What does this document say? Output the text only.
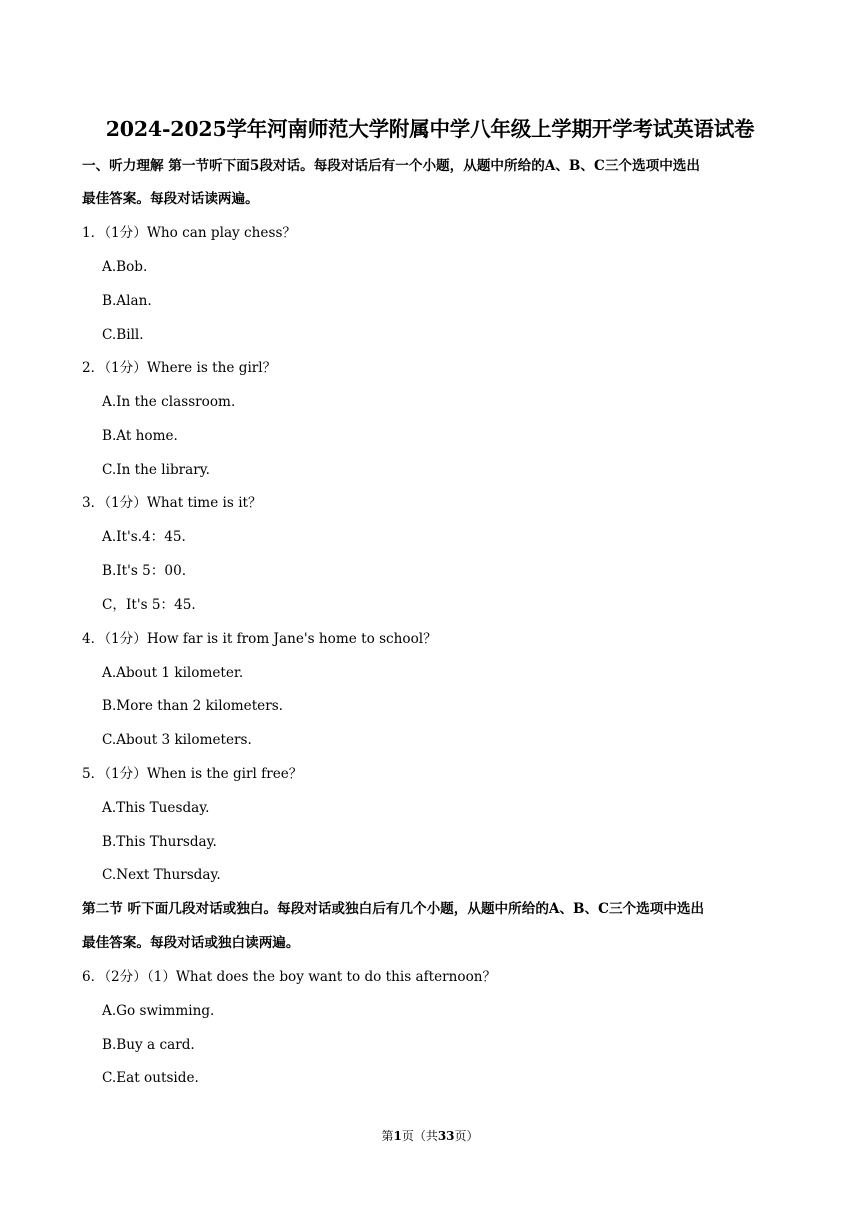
2024-2025学年河南师范大学附属中学八年级上学期开学考试英语试卷
一、听力理解 第一节听下面5段对话。每段对话后有一个小题，从题中所给的A、B、C三个选项中选出
最佳答案。每段对话读两遍。
1．（1分）Who can play chess？
A.Bob.
B.Alan.
C.Bill.
2．（1分）Where is the girl？
A.In the classroom.
B.At home.
C.In the library.
3．（1分）What time is it？
A.It's.4：45.
B.It's 5：00.
C，It's 5：45.
4．（1分）How far is it from Jane's home to school？
A.About 1 kilometer.
B.More than 2 kilometers.
C.About 3 kilometers.
5．（1分）When is the girl free？
A.This Tuesday.
B.This Thursday.
C.Next Thursday.
第二节 听下面几段对话或独白。每段对话或独白后有几个小题，从题中所给的A、B、C三个选项中选出
最佳答案。每段对话或独白读两遍。
6．（2分）（1）What does the boy want to do this afternoon？
A.Go swimming.
B.Buy a card.
C.Eat outside.
第1页（共33页）
